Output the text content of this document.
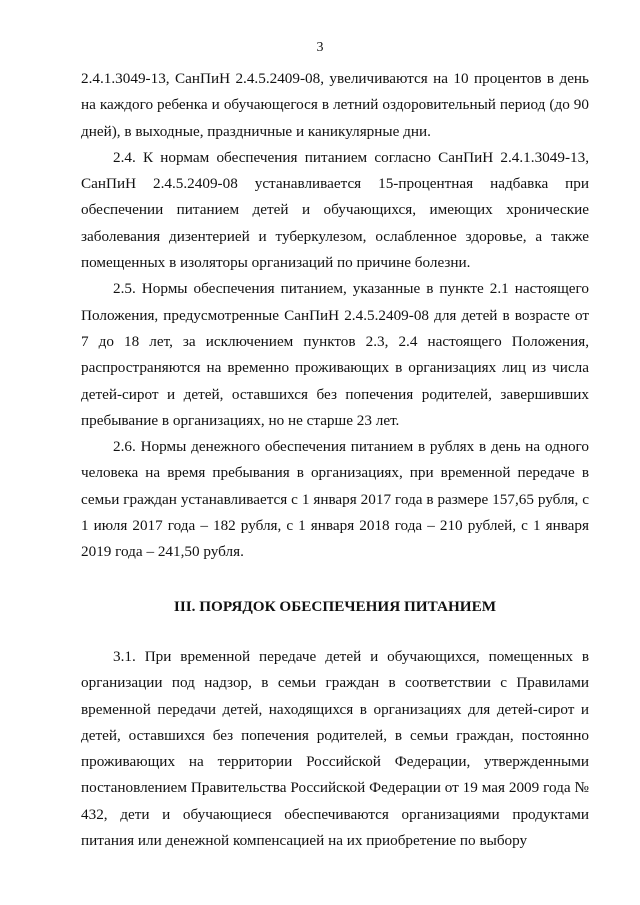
3

2.4.1.3049-13, СанПиН 2.4.5.2409-08, увеличиваются на 10 процентов в день на каждого ребенка и обучающегося в летний оздоровительный период (до 90 дней), в выходные, праздничные и каникулярные дни.

2.4. К нормам обеспечения питанием согласно СанПиН 2.4.1.3049-13, СанПиН 2.4.5.2409-08 устанавливается 15-процентная надбавка при обеспечении питанием детей и обучающихся, имеющих хронические заболевания дизентерией и туберкулезом, ослабленное здоровье, а также помещенных в изоляторы организаций по причине болезни.

2.5. Нормы обеспечения питанием, указанные в пункте 2.1 настоящего Положения, предусмотренные СанПиН 2.4.5.2409-08 для детей в возрасте от 7 до 18 лет, за исключением пунктов 2.3, 2.4 настоящего Положения, распространяются на временно проживающих в организациях лиц из числа детей-сирот и детей, оставшихся без попечения родителей, завершивших пребывание в организациях, но не старше 23 лет.

2.6. Нормы денежного обеспечения питанием в рублях в день на одного человека на время пребывания в организациях, при временной передаче в семьи граждан устанавливается с 1 января 2017 года в размере 157,65 рубля, с 1 июля 2017 года – 182 рубля, с 1 января 2018 года – 210 рублей, с 1 января 2019 года – 241,50 рубля.

III. ПОРЯДОК ОБЕСПЕЧЕНИЯ ПИТАНИЕМ

3.1. При временной передаче детей и обучающихся, помещенных в организации под надзор, в семьи граждан в соответствии с Правилами временной передачи детей, находящихся в организациях для детей-сирот и детей, оставшихся без попечения родителей, в семьи граждан, постоянно проживающих на территории Российской Федерации, утвержденными постановлением Правительства Российской Федерации от 19 мая 2009 года № 432, дети и обучающиеся обеспечиваются организациями продуктами питания или денежной компенсацией на их приобретение по выбору
